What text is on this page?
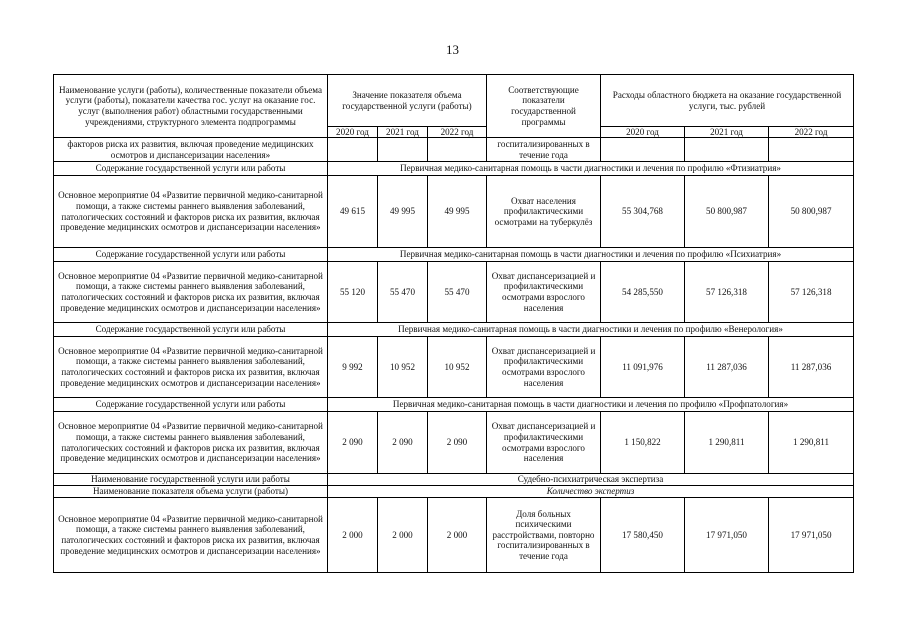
13
Наименование услуги (работы), количественные показатели объема услуги (работы), показатели качества гос. услуг на оказание гос. услуг (выполнения работ) областными государственными учреждениями, структурного элемента подпрограммы	Значение показателя объема государственной услуги (работы)			Соответствующие показатели государственной программы	Расходы областного бюджета на оказание государственной услуги, тыс. рублей		
	2020 год	2021 год	2022 год		2020 год	2021 год	2022 год
факторов риска их развития, включая проведение медицинских осмотров и диспансеризации населения»				госпитализированных в течение года			
Содержание государственной услуги или работы	Первичная медико-санитарная помощь в части диагностики и лечения по профилю «Фтизиатрия»						
Основное мероприятие 04 «Развитие первичной медико-санитарной помощи, а также системы раннего выявления заболеваний, патологических состояний и факторов риска их развития, включая проведение медицинских осмотров и диспансеризации населения»	49 615	49 995	49 995	Охват населения профилактическими осмотрами на туберкулёз	55 304,768	50 800,987	50 800,987
Содержание государственной услуги или работы	Первичная медико-санитарная помощь в части диагностики и лечения по профилю «Психиатрия»						
Основное мероприятие 04 «Развитие первичной медико-санитарной помощи, а также системы раннего выявления заболеваний, патологических состояний и факторов риска их развития, включая проведение медицинских осмотров и диспансеризации населения»	55 120	55 470	55 470	Охват диспансеризацией и профилактическими осмотрами взрослого населения	54 285,550	57 126,318	57 126,318
Содержание государственной услуги или работы	Первичная медико-санитарная помощь в части диагностики и лечения по профилю «Венерология»						
Основное мероприятие 04 «Развитие первичной медико-санитарной помощи, а также системы раннего выявления заболеваний, патологических состояний и факторов риска их развития, включая проведение медицинских осмотров и диспансеризации населения»	9 992	10 952	10 952	Охват диспансеризацией и профилактическими осмотрами взрослого населения	11 091,976	11 287,036	11 287,036
Содержание государственной услуги или работы	Первичная медико-санитарная помощь в части диагностики и лечения по профилю «Профпатология»						
Основное мероприятие 04 «Развитие первичной медико-санитарной помощи, а также системы раннего выявления заболеваний, патологических состояний и факторов риска их развития, включая проведение медицинских осмотров и диспансеризации населения»	2 090	2 090	2 090	Охват диспансеризацией и профилактическими осмотрами взрослого населения	1 150,822	1 290,811	1 290,811
Наименование государственной услуги или работы	Судебно-психиатрическая экспертиза						
Наименование показателя объема услуги (работы)	Количество экспертиз						
Основное мероприятие 04 «Развитие первичной медико-санитарной помощи, а также системы раннего выявления заболеваний, патологических состояний и факторов риска их развития, включая проведение медицинских осмотров и диспансеризации населения»	2 000	2 000	2 000	Доля больных психическими расстройствами, повторно госпитализированных в течение года	17 580,450	17 971,050	17 971,050
